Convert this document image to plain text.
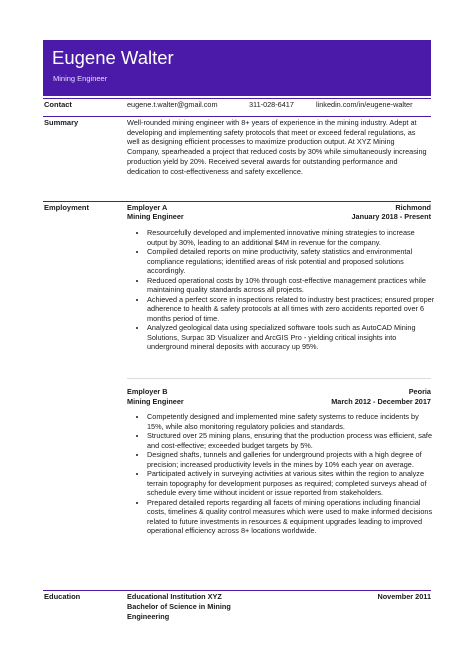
Eugene Walter
Mining Engineer
Contact	eugene.t.walter@gmail.com	311-028-6417	linkedin.com/in/eugene-walter
Summary	Well-rounded mining engineer with 8+ years of experience in the mining industry. Adept at developing and implementing safety protocols that meet or exceed federal regulations, as well as designing efficient processes to maximize production output. At XYZ Mining Company, spearheaded a project that reduced costs by 30% while simultaneously increasing production yield by 20%. Received several awards for outstanding performance and dedication to cost-effectiveness and safety excellence.
Employment	Employer A	Richmond
Mining Engineer	January 2018 - Present
• Resourcefully developed and implemented innovative mining strategies to increase output by 30%, leading to an additional $4M in revenue for the company.
• Compiled detailed reports on mine productivity, safety statistics and environmental compliance regulations; identified areas of risk potential and proposed solutions accordingly.
• Reduced operational costs by 10% through cost-effective management practices while maintaining quality standards across all projects.
• Achieved a perfect score in inspections related to industry best practices; ensured proper adherence to health & safety protocols at all times with zero accidents reported over 6 months period of time.
• Analyzed geological data using specialized software tools such as AutoCAD Mining Solutions, Surpac 3D Visualizer and ArcGIS Pro - yielding critical insights into underground mineral deposits with accuracy up 95%.
Employer B	Peoria
Mining Engineer	March 2012 - December 2017
• Competently designed and implemented mine safety systems to reduce incidents by 15%, while also monitoring regulatory policies and standards.
• Structured over 25 mining plans, ensuring that the production process was efficient, safe and cost-effective; exceeded budget targets by 5%.
• Designed shafts, tunnels and galleries for underground projects with a high degree of precision; increased productivity levels in the mines by 10% each year on average.
• Participated actively in surveying activities at various sites within the region to analyze terrain topography for development purposes as required; completed surveys ahead of schedule every time without incident or issue reported from stakeholders.
• Prepared detailed reports regarding all facets of mining operations including financial costs, timelines & quality control measures which were used to make informed decisions related to future investments in resources & equipment upgrades leading to improved operational efficiency across 8+ locations worldwide.
Education	Educational Institution XYZ	November 2011
Bachelor of Science in Mining Engineering
